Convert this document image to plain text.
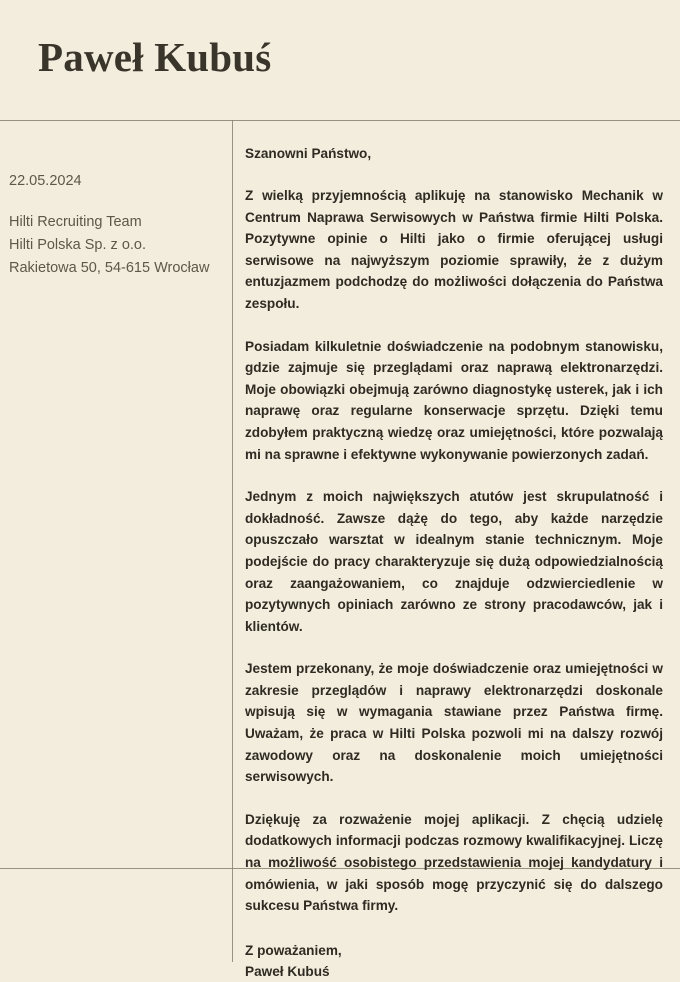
Paweł Kubuś
22.05.2024
Hilti Recruiting Team
Hilti Polska Sp. z o.o.
Rakietowa 50, 54-615 Wrocław

Szanowni Państwo,

Z wielką przyjemnością aplikuję na stanowisko Mechanik w Centrum Naprawa Serwisowych w Państwa firmie Hilti Polska. Pozytywne opinie o Hilti jako o firmie oferującej usługi serwisowe na najwyższym poziomie sprawiły, że z dużym entuzjazmem podchodzę do możliwości dołączenia do Państwa zespołu.

Posiadam kilkuletnie doświadczenie na podobnym stanowisku, gdzie zajmuje się przeglądami oraz naprawą elektronarzędzi. Moje obowiązki obejmują zarówno diagnostykę usterek, jak i ich naprawę oraz regularne konserwacje sprzętu. Dzięki temu zdobyłem praktyczną wiedzę oraz umiejętności, które pozwalają mi na sprawne i efektywne wykonywanie powierzonych zadań.

Jednym z moich największych atutów jest skrupulatność i dokładność. Zawsze dążę do tego, aby każde narzędzie opuszczało warsztat w idealnym stanie technicznym. Moje podejście do pracy charakteryzuje się dużą odpowiedzialnością oraz zaangażowaniem, co znajduje odzwierciedlenie w pozytywnych opiniach zarówno ze strony pracodawców, jak i klientów.

Jestem przekonany, że moje doświadczenie oraz umiejętności w zakresie przeglądów i naprawy elektronarzędzi doskonale wpisują się w wymagania stawiane przez Państwa firmę. Uważam, że praca w Hilti Polska pozwoli mi na dalszy rozwój zawodowy oraz na doskonalenie moich umiejętności serwisowych.

Dziękuję za rozważenie mojej aplikacji. Z chęcią udzielę dodatkowych informacji podczas rozmowy kwalifikacyjnej. Liczę na możliwość osobistego przedstawienia mojej kandydatury i omówienia, w jaki sposób mogę przyczynić się do dalszego sukcesu Państwa firmy.

Z poważaniem,
Paweł Kubuś
